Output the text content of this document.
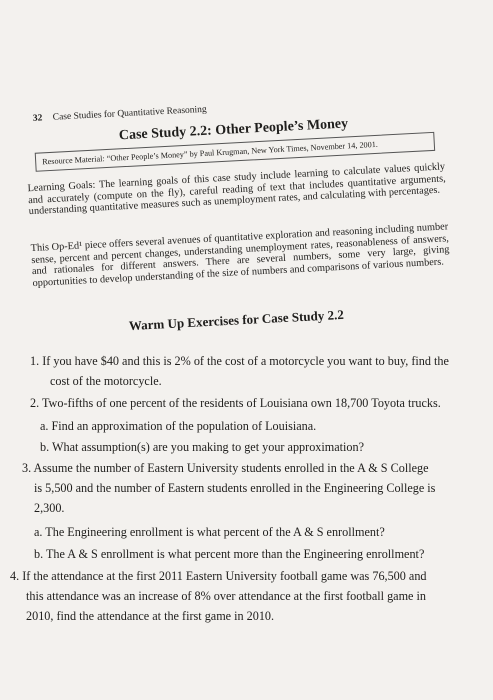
32 Case Studies for Quantitative Reasoning
Case Study 2.2: Other People’s Money
Resource Material: “Other People’s Money” by Paul Krugman, New York Times, November 14, 2001.
Learning Goals: The learning goals of this case study include learning to calculate values quickly and accurately (compute on the fly), careful reading of text that includes quantitative arguments, understanding quantitative measures such as unemployment rates, and calculating with percentages.
This Op-Ed¹ piece offers several avenues of quantitative exploration and reasoning including number sense, percent and percent changes, understanding unemployment rates, reasonableness of answers, and rationales for different answers. There are several numbers, some very large, giving opportunities to develop understanding of the size of numbers and comparisons of various numbers.
Warm Up Exercises for Case Study 2.2
1. If you have $40 and this is 2% of the cost of a motorcycle you want to buy, find the
cost of the motorcycle.
2. Two-fifths of one percent of the residents of Louisiana own 18,700 Toyota trucks.
a. Find an approximation of the population of Louisiana.
b. What assumption(s) are you making to get your approximation?
3. Assume the number of Eastern University students enrolled in the A & S College
is 5,500 and the number of Eastern students enrolled in the Engineering College is
2,300.
a. The Engineering enrollment is what percent of the A & S enrollment?
b. The A & S enrollment is what percent more than the Engineering enrollment?
4. If the attendance at the first 2011 Eastern University football game was 76,500 and
this attendance was an increase of 8% over attendance at the first football game in
2010, find the attendance at the first game in 2010.
